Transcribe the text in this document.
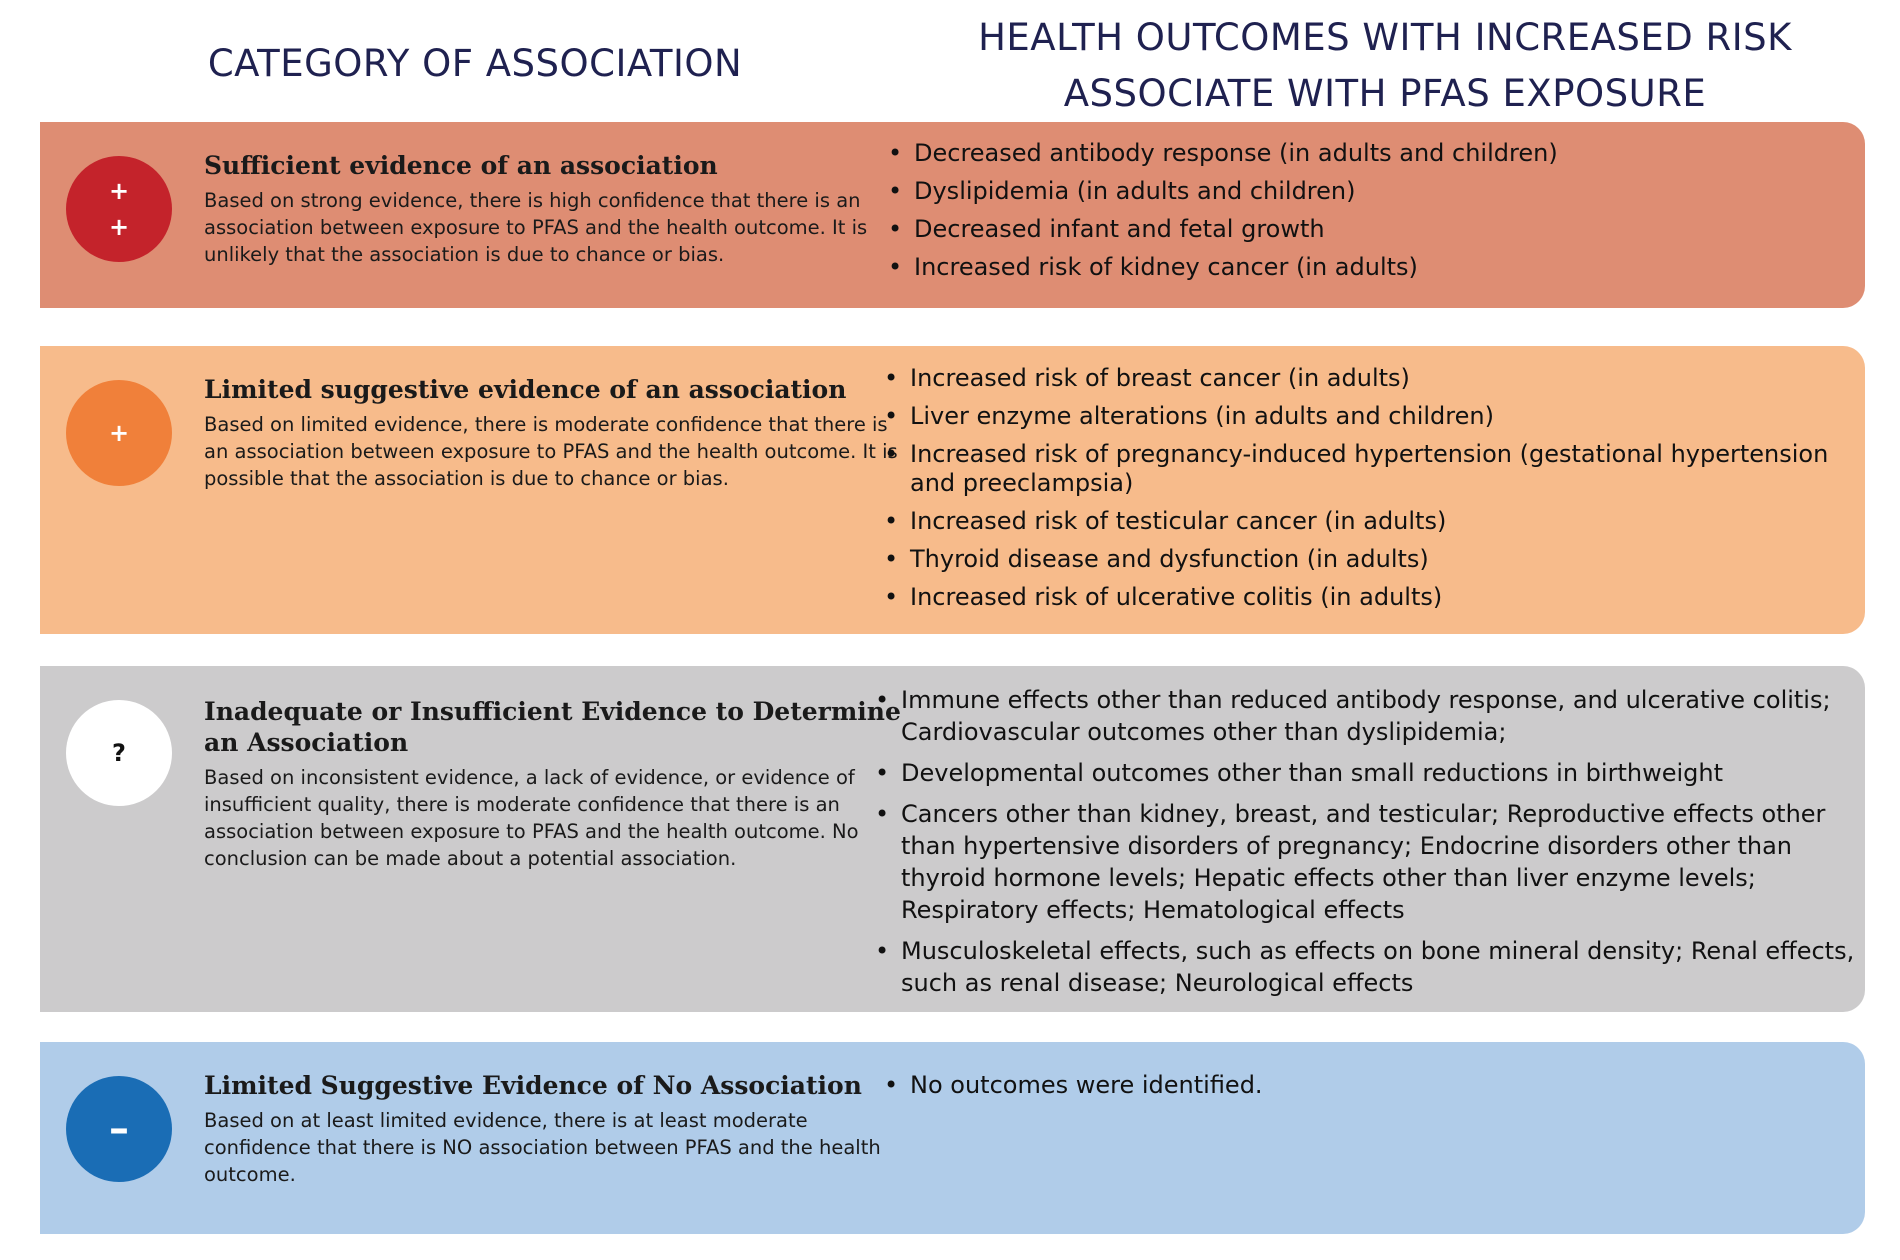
CATEGORY OF ASSOCIATION
HEALTH OUTCOMES WITH INCREASED RISK
ASSOCIATE WITH PFAS EXPOSURE
+
+
Sufficient evidence of an association

Based on strong evidence, there is high confidence that there is an association between exposure to PFAS and the health outcome. It is unlikely that the association is due to chance or bias.

• Decreased antibody response (in adults and children)
• Dyslipidemia (in adults and children)
• Decreased infant and fetal growth
• Increased risk of kidney cancer (in adults)
+
Limited suggestive evidence of an association

Based on limited evidence, there is moderate confidence that there is an association between exposure to PFAS and the health outcome. It is possible that the association is due to chance or bias.

• Increased risk of breast cancer (in adults)
• Liver enzyme alterations (in adults and children)
• Increased risk of pregnancy-induced hypertension (gestational hypertension and preeclampsia)
• Increased risk of testicular cancer (in adults)
• Thyroid disease and dysfunction (in adults)
• Increased risk of ulcerative colitis (in adults)
?
Inadequate or Insufficient Evidence to Determine an Association

Based on inconsistent evidence, a lack of evidence, or evidence of insufficient quality, there is moderate confidence that there is an association between exposure to PFAS and the health outcome. No conclusion can be made about a potential association.

• Immune effects other than reduced antibody response, and ulcerative colitis; Cardiovascular outcomes other than dyslipidemia;
• Developmental outcomes other than small reductions in birthweight
• Cancers other than kidney, breast, and testicular; Reproductive effects other than hypertensive disorders of pregnancy; Endocrine disorders other than thyroid hormone levels; Hepatic effects other than liver enzyme levels; Respiratory effects; Hematological effects
• Musculoskeletal effects, such as effects on bone mineral density; Renal effects, such as renal disease; Neurological effects
–
Limited Suggestive Evidence of No Association

Based on at least limited evidence, there is at least moderate confidence that there is NO association between PFAS and the health outcome.

• No outcomes were identified.
